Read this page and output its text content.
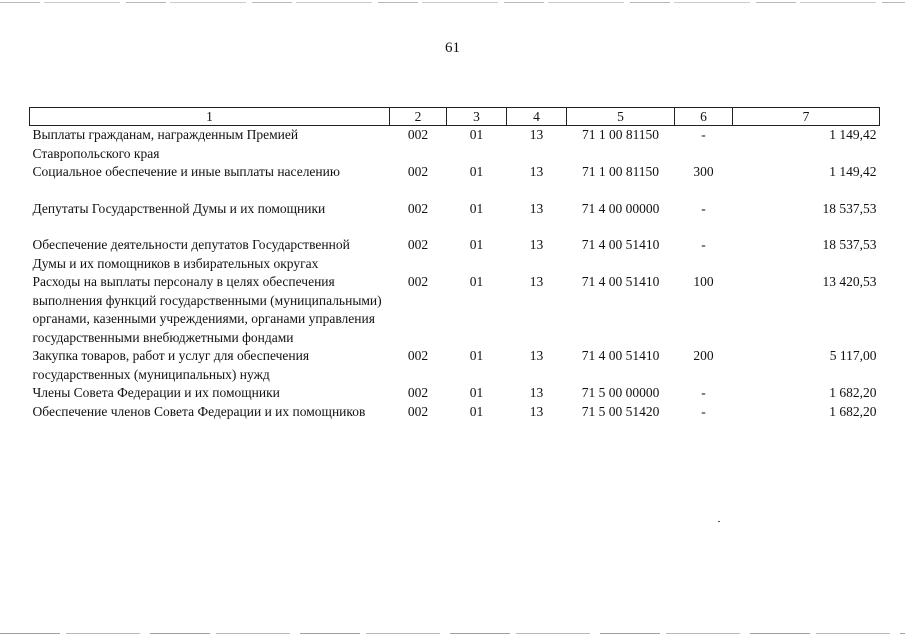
61
1	2	3	4	5	6	7
Выплаты гражданам, награжденным Премией Ставропольского края	002	01	13	71 1 00 81150	-	1 149,42
Социальное обеспечение и иные выплаты населению	002	01	13	71 1 00 81150	300	1 149,42
Депутаты Государственной Думы и их помощники	002	01	13	71 4 00 00000	-	18 537,53
Обеспечение деятельности депутатов Государственной Думы и их помощников в избирательных округах	002	01	13	71 4 00 51410	-	18 537,53
Расходы на выплаты персоналу в целях обеспечения выполнения функций государственными (муниципальными) органами, казенными учреждениями, органами управления государственными внебюджетными фондами	002	01	13	71 4 00 51410	100	13 420,53
Закупка товаров, работ и услуг для обеспечения государственных (муниципальных) нужд	002	01	13	71 4 00 51410	200	5 117,00
Члены Совета Федерации и их помощники	002	01	13	71 5 00 00000	-	1 682,20
Обеспечение членов Совета Федерации и их помощников	002	01	13	71 5 00 51420	-	1 682,20
